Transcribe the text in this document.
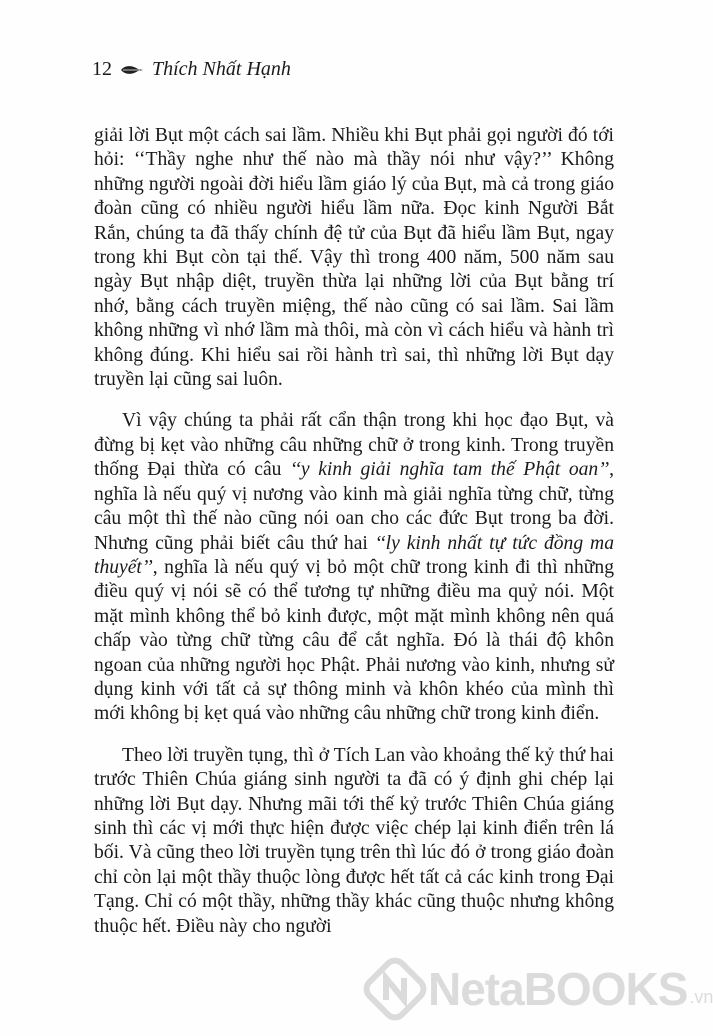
12 Thích Nhất Hạnh

giải lời Bụt một cách sai lầm. Nhiều khi Bụt phải gọi người đó tới hỏi: ‘‘Thầy nghe như thế nào mà thầy nói như vậy?’’ Không những người ngoài đời hiểu lầm giáo lý của Bụt, mà cả trong giáo đoàn cũng có nhiều người hiểu lầm nữa. Đọc kinh Người Bắt Rắn, chúng ta đã thấy chính đệ tử của Bụt đã hiểu lầm Bụt, ngay trong khi Bụt còn tại thế. Vậy thì trong 400 năm, 500 năm sau ngày Bụt nhập diệt, truyền thừa lại những lời của Bụt bằng trí nhớ, bằng cách truyền miệng, thế nào cũng có sai lầm. Sai lầm không những vì nhớ lầm mà thôi, mà còn vì cách hiểu và hành trì không đúng. Khi hiểu sai rồi hành trì sai, thì những lời Bụt dạy truyền lại cũng sai luôn.

Vì vậy chúng ta phải rất cẩn thận trong khi học đạo Bụt, và đừng bị kẹt vào những câu những chữ ở trong kinh. Trong truyền thống Đại thừa có câu ‘‘y kinh giải nghĩa tam thế Phật oan’’, nghĩa là nếu quý vị nương vào kinh mà giải nghĩa từng chữ, từng câu một thì thế nào cũng nói oan cho các đức Bụt trong ba đời. Nhưng cũng phải biết câu thứ hai ‘‘ly kinh nhất tự tức đồng ma thuyết’’, nghĩa là nếu quý vị bỏ một chữ trong kinh đi thì những điều quý vị nói sẽ có thể tương tự những điều ma quỷ nói. Một mặt mình không thể bỏ kinh được, một mặt mình không nên quá chấp vào từng chữ từng câu để cắt nghĩa. Đó là thái độ khôn ngoan của những người học Phật. Phải nương vào kinh, nhưng sử dụng kinh với tất cả sự thông minh và khôn khéo của mình thì mới không bị kẹt quá vào những câu những chữ trong kinh điển.

Theo lời truyền tụng, thì ở Tích Lan vào khoảng thế kỷ thứ hai trước Thiên Chúa giáng sinh người ta đã có ý định ghi chép lại những lời Bụt dạy. Nhưng mãi tới thế kỷ trước Thiên Chúa giáng sinh thì các vị mới thực hiện được việc chép lại kinh điển trên lá bối. Và cũng theo lời truyền tụng trên thì lúc đó ở trong giáo đoàn chỉ còn lại một thầy thuộc lòng được hết tất cả các kinh trong Đại Tạng. Chỉ có một thầy, những thầy khác cũng thuộc nhưng không thuộc hết. Điều này cho người

NetaBOOKS .vn
